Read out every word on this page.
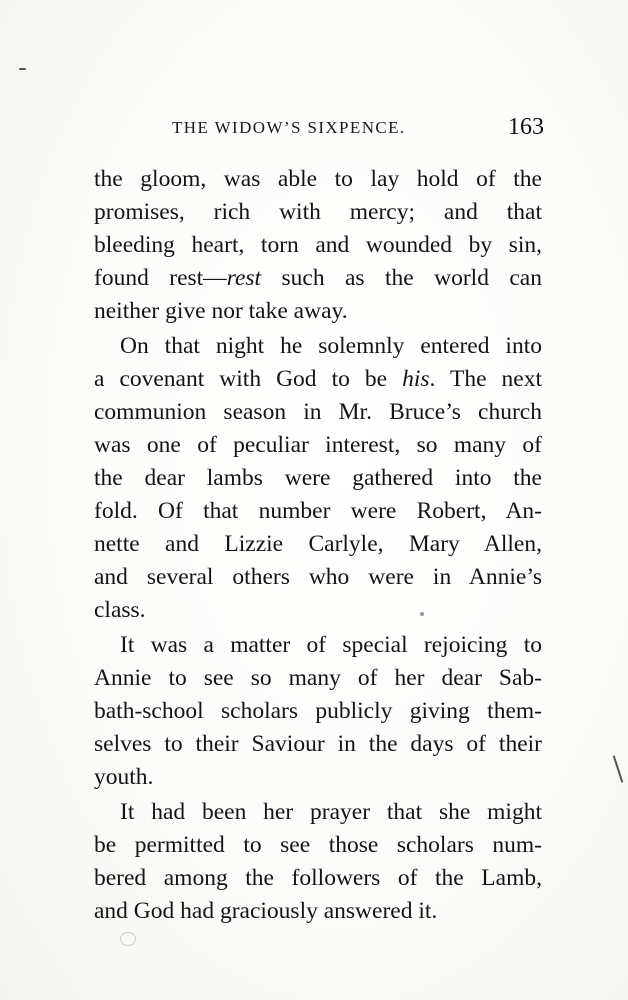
THE WIDOW’S SIXPENCE.	163
the gloom, was able to lay hold of the
promises, rich with mercy; and that
bleeding heart, torn and wounded by sin,
found rest—rest such as the world can
neither give nor take away.
On that night he solemnly entered into
a covenant with God to be his. The next
communion season in Mr. Bruce’s church
was one of peculiar interest, so many of
the dear lambs were gathered into the
fold. Of that number were Robert, An-
nette and Lizzie Carlyle, Mary Allen,
and several others who were in Annie’s
class.
It was a matter of special rejoicing to
Annie to see so many of her dear Sab-
bath-school scholars publicly giving them-
selves to their Saviour in the days of their
youth.
It had been her prayer that she might
be permitted to see those scholars num-
bered among the followers of the Lamb,
and God had graciously answered it.
